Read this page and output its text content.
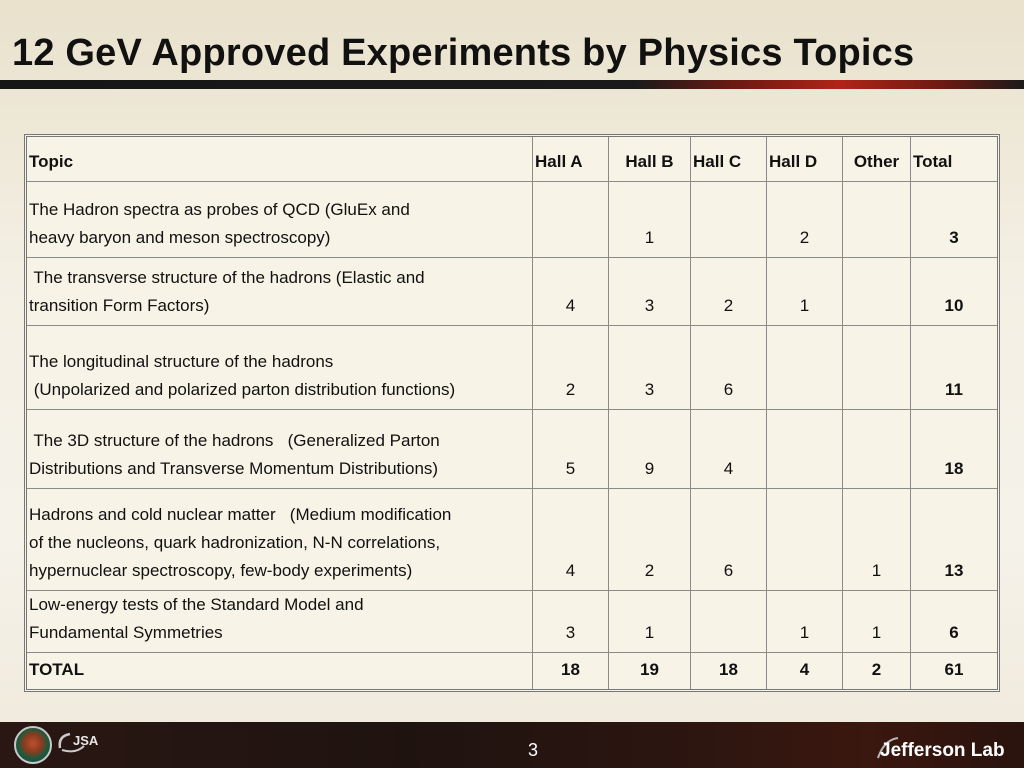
12 GeV Approved Experiments by Physics Topics
Topic	Hall A	Hall B	Hall C	Hall D	Other	Total

The Hadron spectra as probes of QCD (GluEx and
heavy baryon and meson spectroscopy)		1		2		3

The transverse structure of the hadrons (Elastic and
transition Form Factors)	4	3	2	1		10

The longitudinal structure of the hadrons
(Unpolarized and polarized parton distribution functions)	2	3	6			11

The 3D structure of the hadrons   (Generalized Parton
Distributions and Transverse Momentum Distributions)	5	9	4			18

Hadrons and cold nuclear matter   (Medium modification
of the nucleons, quark hadronization, N-N correlations,
hypernuclear spectroscopy, few-body experiments)	4	2	6		1	13

Low-energy tests of the Standard Model and
Fundamental Symmetries	3	1		1	1	6
TOTAL	18	19	18	4	2	61
JSA	3	Jefferson Lab
